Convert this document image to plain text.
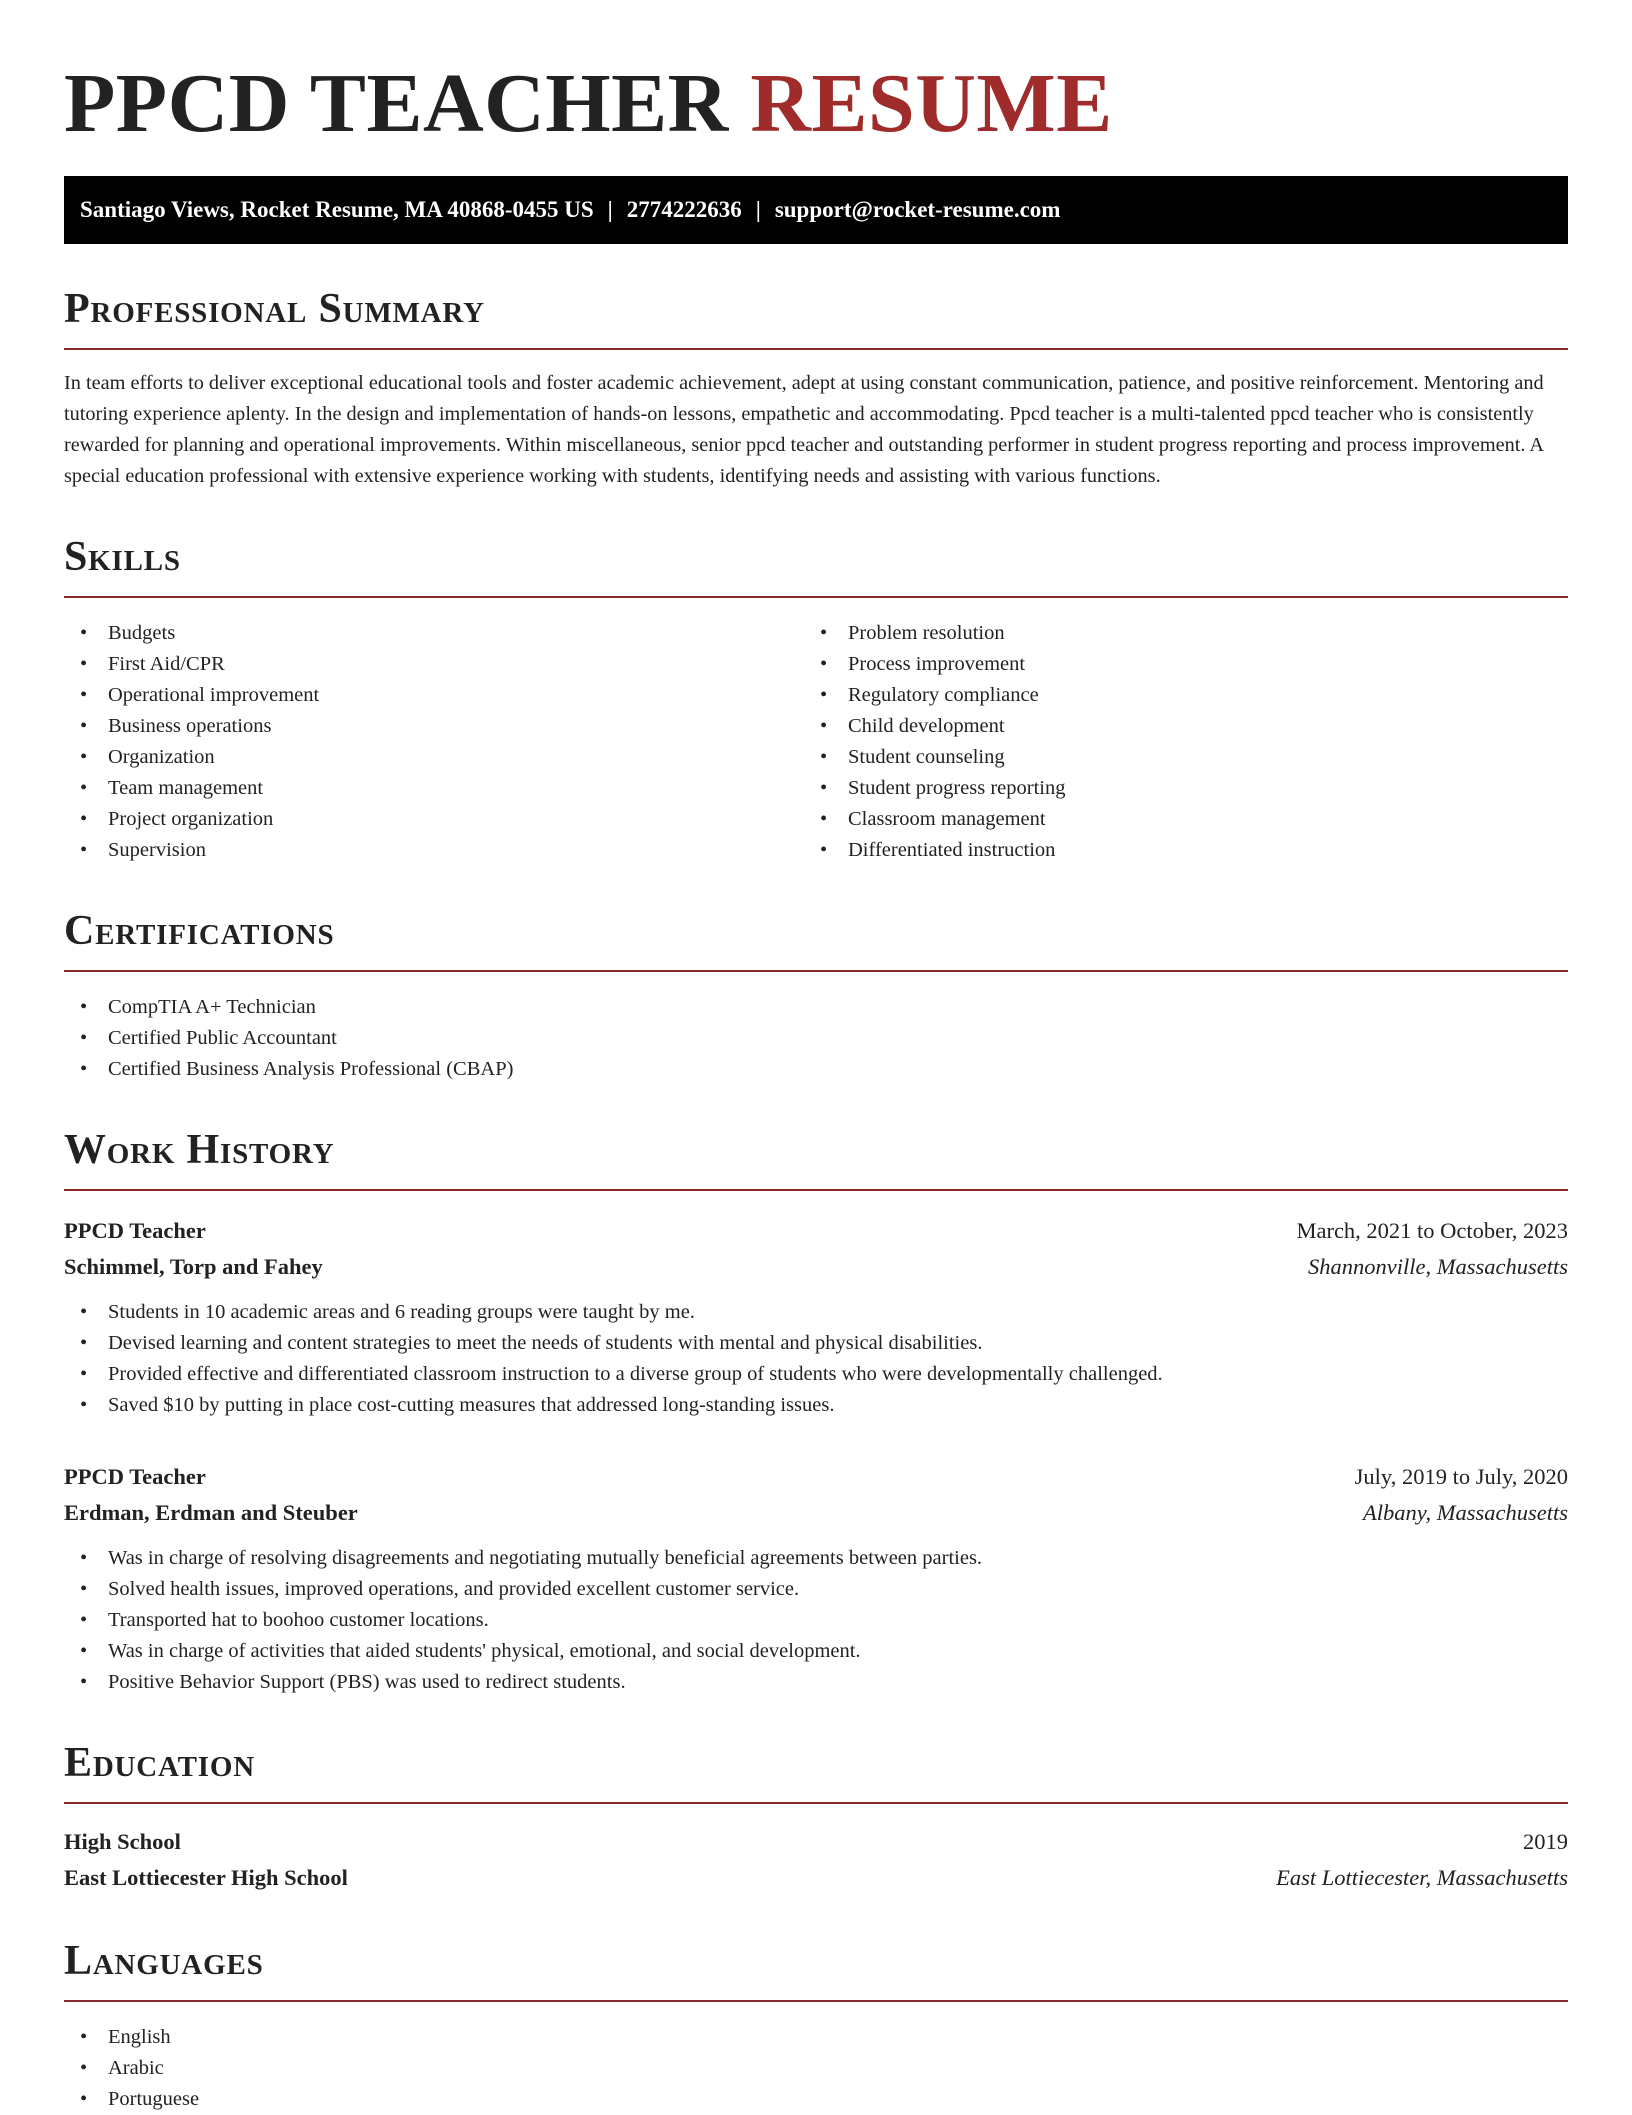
PPCD TEACHER RESUME
Santiago Views, Rocket Resume, MA 40868-0455 US | 2774222636 | support@rocket-resume.com
Professional Summary

In team efforts to deliver exceptional educational tools and foster academic achievement, adept at using constant communication, patience, and positive reinforcement. Mentoring and tutoring experience aplenty. In the design and implementation of hands-on lessons, empathetic and accommodating. Ppcd teacher is a multi-talented ppcd teacher who is consistently rewarded for planning and operational improvements. Within miscellaneous, senior ppcd teacher and outstanding performer in student progress reporting and process improvement. A special education professional with extensive experience working with students, identifying needs and assisting with various functions.

Skills
• Budgets
• First Aid/CPR
• Operational improvement
• Business operations
• Organization
• Team management
• Project organization
• Supervision
• Problem resolution
• Process improvement
• Regulatory compliance
• Child development
• Student counseling
• Student progress reporting
• Classroom management
• Differentiated instruction
Certifications
• CompTIA A+ Technician
• Certified Public Accountant
• Certified Business Analysis Professional (CBAP)
Work History
PPCD Teacher	March, 2021 to October, 2023
Schimmel, Torp and Fahey	Shannonville, Massachusetts
• Students in 10 academic areas and 6 reading groups were taught by me.
• Devised learning and content strategies to meet the needs of students with mental and physical disabilities.
• Provided effective and differentiated classroom instruction to a diverse group of students who were developmentally challenged.
• Saved $10 by putting in place cost-cutting measures that addressed long-standing issues.
PPCD Teacher	July, 2019 to July, 2020
Erdman, Erdman and Steuber	Albany, Massachusetts
• Was in charge of resolving disagreements and negotiating mutually beneficial agreements between parties.
• Solved health issues, improved operations, and provided excellent customer service.
• Transported hat to boohoo customer locations.
• Was in charge of activities that aided students' physical, emotional, and social development.
• Positive Behavior Support (PBS) was used to redirect students.
Education
High School	2019
East Lottiecester High School	East Lottiecester, Massachusetts
Languages
• English
• Arabic
• Portuguese
